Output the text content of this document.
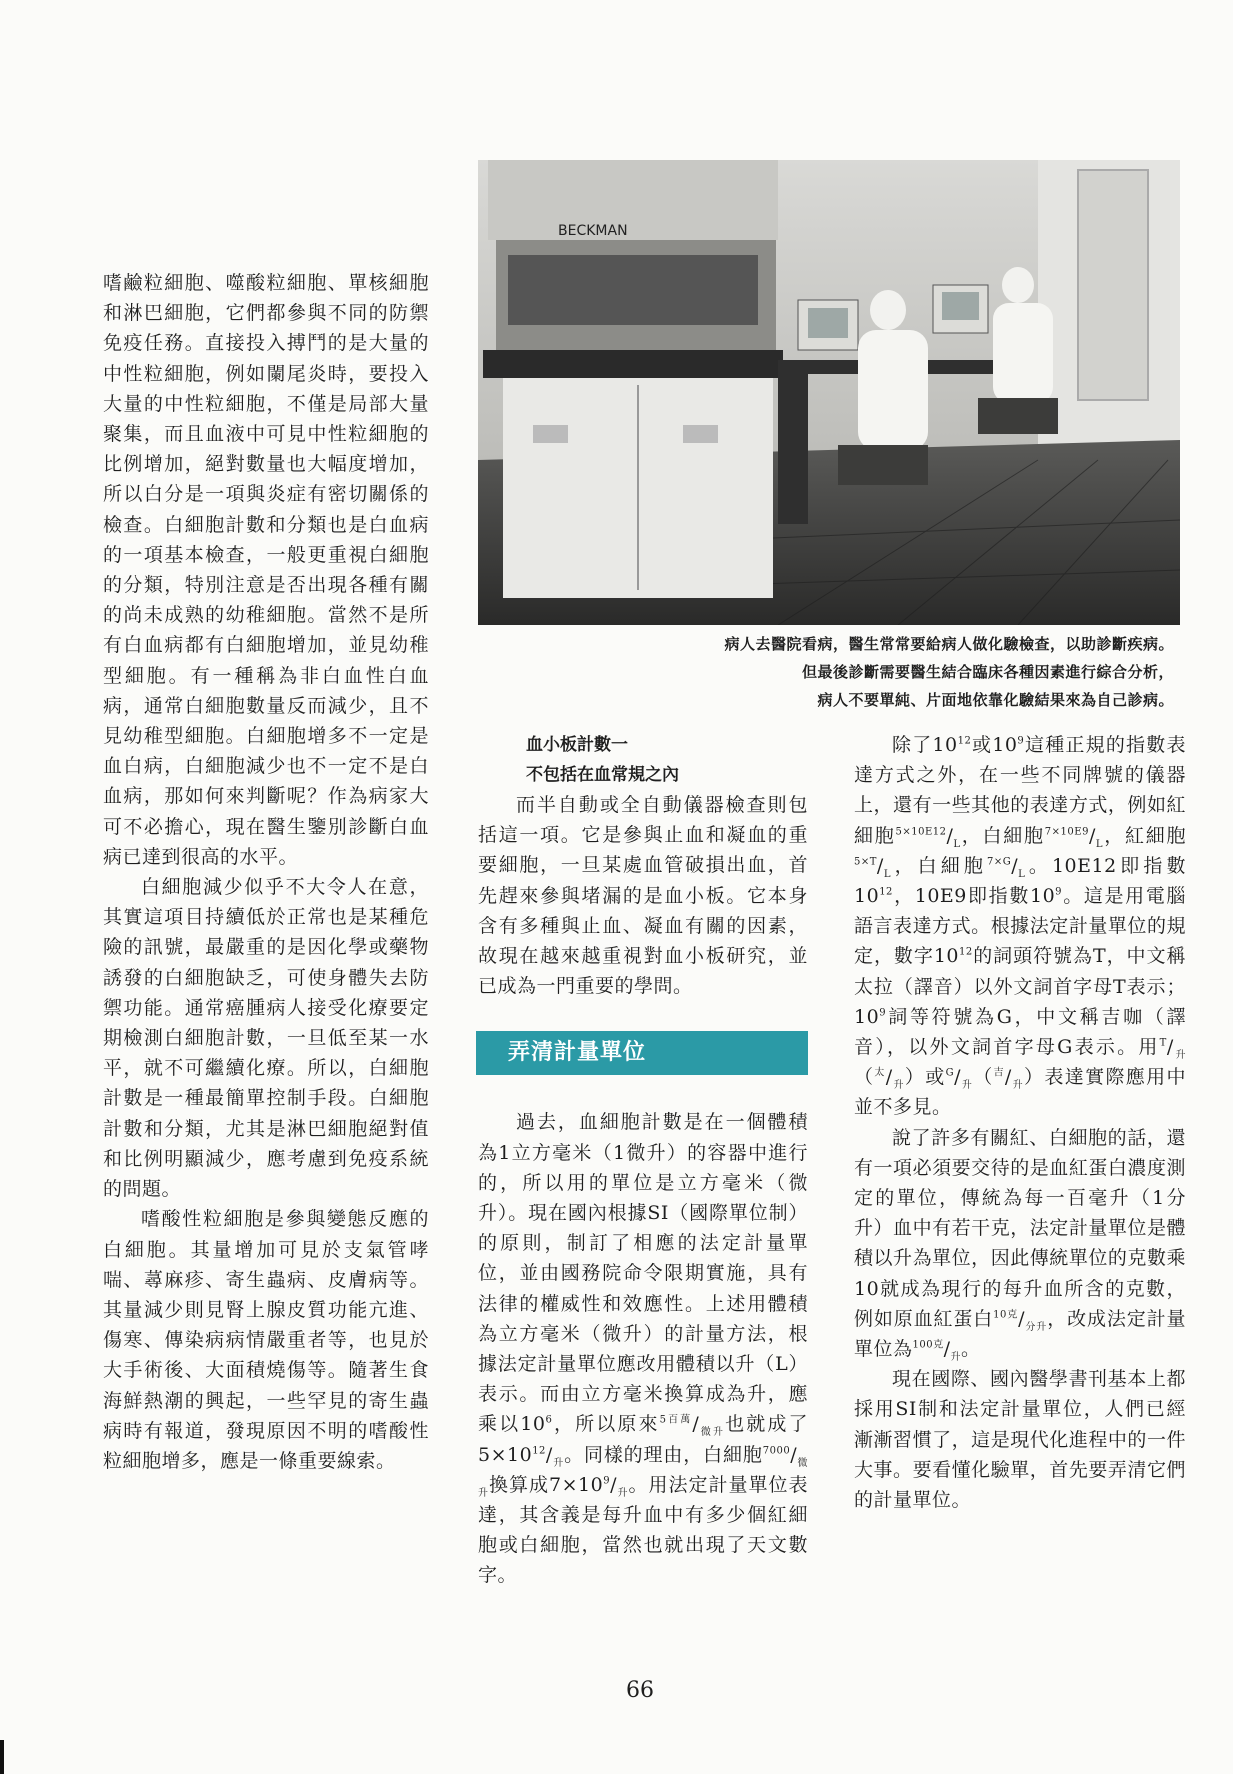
嗜鹼粒細胞、噬酸粒細胞、單核細胞和淋巴細胞，它們都參與不同的防禦免疫任務。直接投入搏鬥的是大量的中性粒細胞，例如闌尾炎時，要投入大量的中性粒細胞，不僅是局部大量聚集，而且血液中可見中性粒細胞的比例增加，絕對數量也大幅度增加，所以白分是一項與炎症有密切關係的檢查。白細胞計數和分類也是白血病的一項基本檢查，一般更重視白細胞的分類，特別注意是否出現各種有關的尚未成熟的幼稚細胞。當然不是所有白血病都有白細胞增加，並見幼稚型細胞。有一種稱為非白血性白血病，通常白細胞數量反而減少，且不見幼稚型細胞。白細胞增多不一定是血白病，白細胞減少也不一定不是白血病，那如何來判斷呢？作為病家大可不必擔心，現在醫生鑒別診斷白血病已達到很高的水平。

白細胞減少似乎不大令人在意，其實這項目持續低於正常也是某種危險的訊號，最嚴重的是因化學或藥物誘發的白細胞缺乏，可使身體失去防禦功能。通常癌腫病人接受化療要定期檢測白細胞計數，一旦低至某一水平，就不可繼續化療。所以，白細胞計數是一種最簡單控制手段。白細胞計數和分類，尤其是淋巴細胞絕對值和比例明顯減少，應考慮到免疫系統的問題。

嗜酸性粒細胞是參與變態反應的白細胞。其量增加可見於支氣管哮喘、蕁麻疹、寄生蟲病、皮膚病等。其量減少則見腎上腺皮質功能亢進、傷寒、傳染病病情嚴重者等，也見於大手術後、大面積燒傷等。隨著生食海鮮熱潮的興起，一些罕見的寄生蟲病時有報道，發現原因不明的嗜酸性粒細胞增多，應是一條重要線索。

BECKMAN
病人去醫院看病，醫生常常要給病人做化驗檢查，以助診斷疾病。
但最後診斷需要醫生結合臨床各種因素進行綜合分析，
病人不要單純、片面地依靠化驗結果來為自己診病。

血小板計數一

不包括在血常規之內

而半自動或全自動儀器檢查則包括這一項。它是參與止血和凝血的重要細胞，一旦某處血管破損出血，首先趕來參與堵漏的是血小板。它本身含有多種與止血、凝血有關的因素，故現在越來越重視對血小板研究，並已成為一門重要的學問。

弄清計量單位

過去，血細胞計數是在一個體積為1立方毫米（1微升）的容器中進行的，所以用的單位是立方毫米（微升）。現在國內根據SI（國際單位制）的原則，制訂了相應的法定計量單位，並由國務院命令限期實施，具有法律的權威性和效應性。上述用體積為立方毫米（微升）的計量方法，根據法定計量單位應改用體積以升（L）表示。而由立方毫米換算成為升，應乘以$10^6$，所以原來$^{5百萬}/_{微升}$也就成了$5\times 10^{12}/_升$。同樣的理由，白細胞$^{7000}/_{微升}$換算成$7\times 10^9/_升$。用法定計量單位表達，其含義是每升血中有多少個紅細胞或白細胞，當然也就出現了天文數字。

除了$10^{12}$或$10^9$這種正規的指數表達方式之外，在一些不同牌號的儀器上，還有一些其他的表達方式，例如紅細胞$^{5\times 10E12}/_L$，白細胞$^{7\times 10E9}/_L$，紅細胞$^{5\times T}/_L$，白細胞$^{7\times G}/_L$。10E12即指數$10^{12}$，10E9即指數$10^9$。這是用電腦語言表達方式。根據法定計量單位的規定，數字$10^{12}$的詞頭符號為T，中文稱太拉（譯音）以外文詞首字母T表示；$10^9$詞等符號為G，中文稱吉咖（譯音），以外文詞首字母G表示。用$^T/_升(^太/_升)$或$^G/_升(^吉/_升)$表達實際應用中並不多見。

說了許多有關紅、白細胞的話，還有一項必須要交待的是血紅蛋白濃度測定的單位，傳統為每一百毫升（1分升）血中有若干克，法定計量單位是體積以升為單位，因此傳統單位的克數乘10就成為現行的每升血所含的克數，例如原血紅蛋白$^{10克}/_{分升}$，改成法定計量單位為$^{100克}/_升$。

現在國際、國內醫學書刊基本上都採用SI制和法定計量單位，人們已經漸漸習慣了，這是現代化進程中的一件大事。要看懂化驗單，首先要弄清它們的計量單位。

66
